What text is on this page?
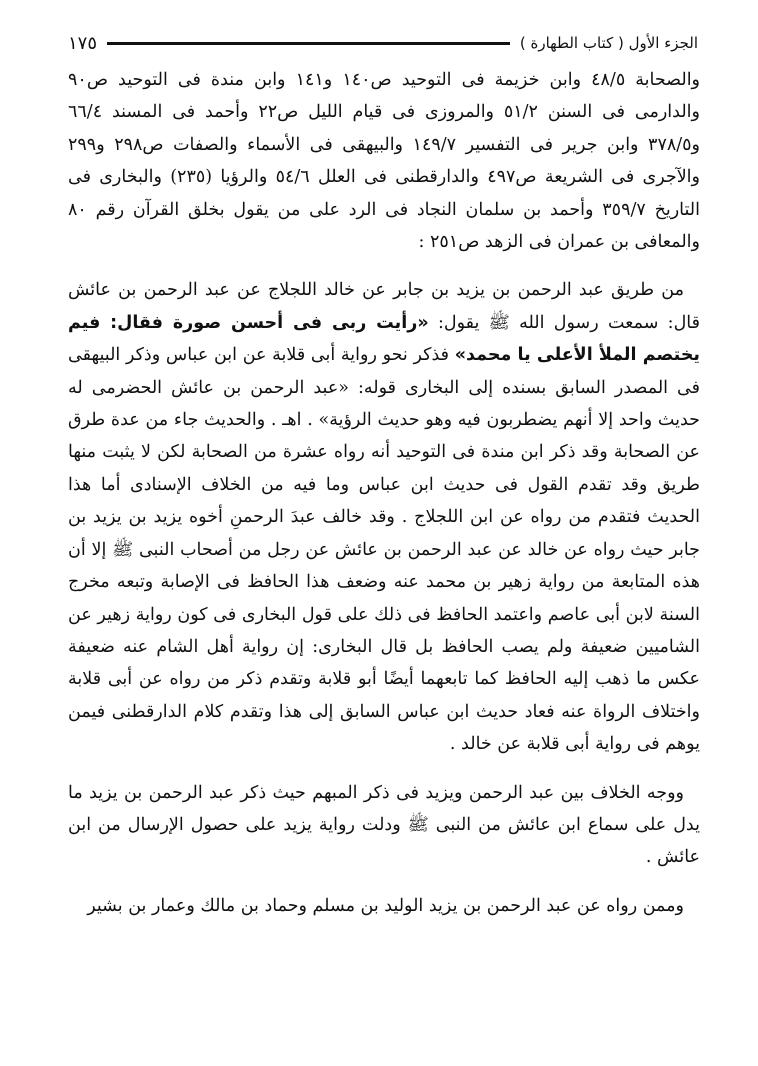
الجزء الأول ( كتاب الطهارة )
١٧٥

والصحابة ٤٨/٥ وابن خزيمة فى التوحيد ص١٤٠ و١٤١ وابن مندة فى التوحيد ص٩٠ والدارمى فى السنن ٥١/٢ والمروزى فى قيام الليل ص٢٢ وأحمد فى المسند ٦٦/٤ و٣٧٨/٥ وابن جرير فى التفسير ١٤٩/٧ والبيهقى فى الأسماء والصفات ص٢٩٨ و٢٩٩ والآجرى فى الشريعة ص٤٩٧ والدارقطنى فى العلل ٥٤/٦ والرؤيا (٢٣٥) والبخارى فى التاريخ ٣٥٩/٧ وأحمد بن سلمان النجاد فى الرد على من يقول بخلق القرآن رقم ٨٠ والمعافى بن عمران فى الزهد ص٢٥١ :

من طريق عبد الرحمن بن يزيد بن جابر عن خالد اللجلاج عن عبد الرحمن بن عائش قال: سمعت رسول الله ﷺ يقول: «رأيت ربى فى أحسن صورة فقال: فيم يختصم الملأ الأعلى يا محمد» فذكر نحو رواية أبى قلابة عن ابن عباس وذكر البيهقى فى المصدر السابق بسنده إلى البخارى قوله: «عبد الرحمن بن عائش الحضرمى له حديث واحد إلا أنهم يضطربون فيه وهو حديث الرؤية» . اهـ . والحديث جاء من عدة طرق عن الصحابة وقد ذكر ابن مندة فى التوحيد أنه رواه عشرة من الصحابة لكن لا يثبت منها طريق وقد تقدم القول فى حديث ابن عباس وما فيه من الخلاف الإسنادى أما هذا الحديث فتقدم من رواه عن ابن اللجلاج . وقد خالف عبدَ الرحمنِ أخوه يزيد بن يزيد بن جابر حيث رواه عن خالد عن عبد الرحمن بن عائش عن رجل من أصحاب النبى ﷺ إلا أن هذه المتابعة من رواية زهير بن محمد عنه وضعف هذا الحافظ فى الإصابة وتبعه مخرج السنة لابن أبى عاصم واعتمد الحافظ فى ذلك على قول البخارى فى كون رواية زهير عن الشاميين ضعيفة ولم يصب الحافظ بل قال البخارى: إن رواية أهل الشام عنه ضعيفة عكس ما ذهب إليه الحافظ كما تابعهما أيضًا أبو قلابة وتقدم ذكر من رواه عن أبى قلابة واختلاف الرواة عنه فعاد حديث ابن عباس السابق إلى هذا وتقدم كلام الدارقطنى فيمن يوهم فى رواية أبى قلابة عن خالد .

ووجه الخلاف بين عبد الرحمن ويزيد فى ذكر المبهم حيث ذكر عبد الرحمن بن يزيد ما يدل على سماع ابن عائش من النبى ﷺ ودلت رواية يزيد على حصول الإرسال من ابن عائش .

وممن رواه عن عبد الرحمن بن يزيد الوليد بن مسلم وحماد بن مالك وعمار بن بشير
